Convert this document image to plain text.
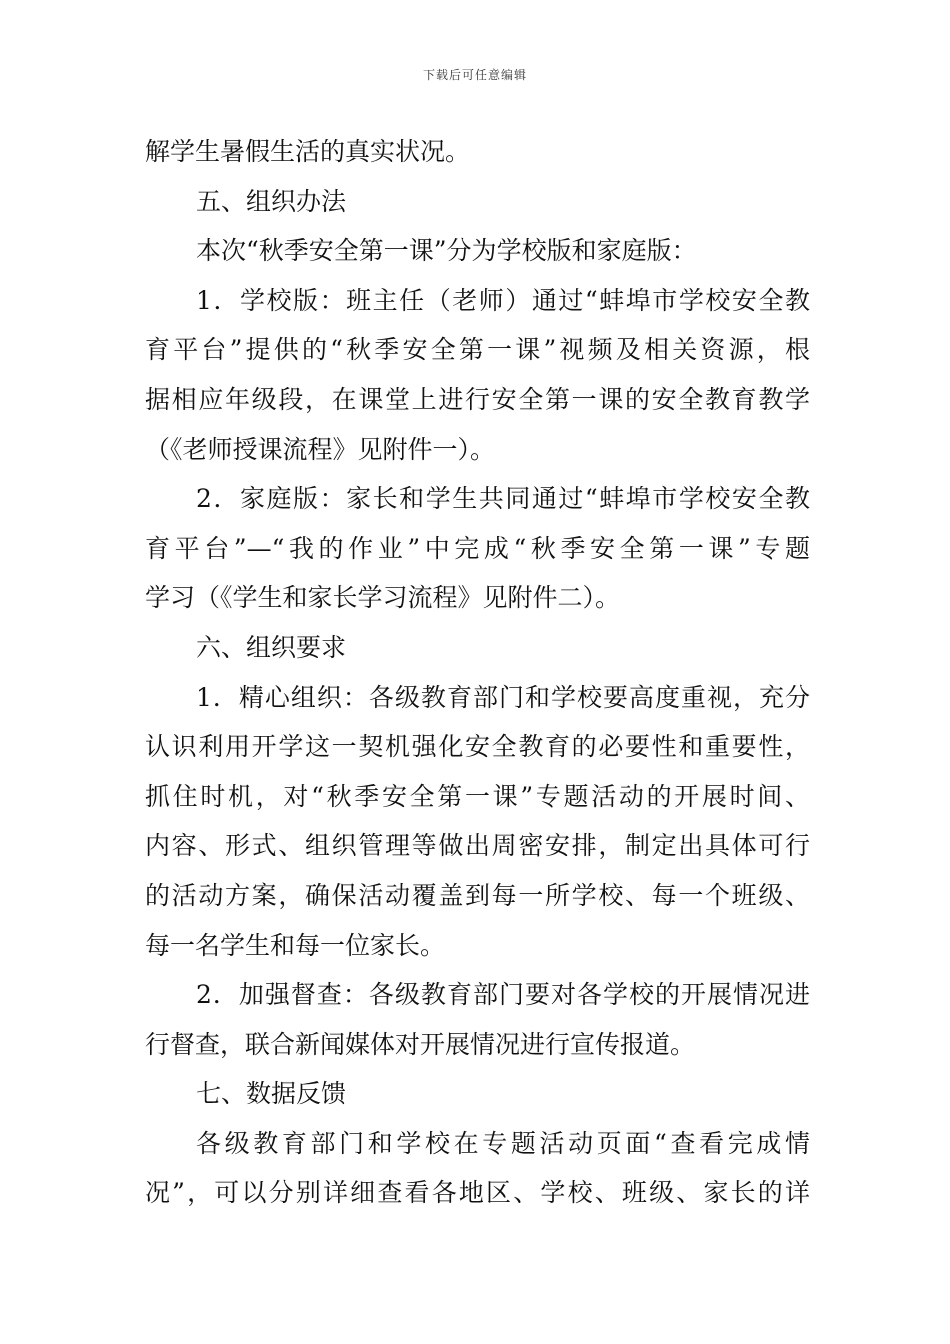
下载后可任意编辑
解学生暑假生活的真实状况。
五、组织办法
本次“秋季安全第一课”分为学校版和家庭版：
1．学校版：班主任（老师）通过“蚌埠市学校安全教
育平台”提供的“秋季安全第一课”视频及相关资源，根
据相应年级段，在课堂上进行安全第一课的安全教育教学
（《老师授课流程》见附件一）。
2．家庭版：家长和学生共同通过“蚌埠市学校安全教
育平台”—“我的作业”中完成“秋季安全第一课”专题
学习（《学生和家长学习流程》见附件二）。
六、组织要求
1．精心组织：各级教育部门和学校要高度重视，充分
认识利用开学这一契机强化安全教育的必要性和重要性，
抓住时机，对“秋季安全第一课”专题活动的开展时间、
内容、形式、组织管理等做出周密安排，制定出具体可行
的活动方案，确保活动覆盖到每一所学校、每一个班级、
每一名学生和每一位家长。
2．加强督查：各级教育部门要对各学校的开展情况进
行督查，联合新闻媒体对开展情况进行宣传报道。
七、数据反馈
各级教育部门和学校在专题活动页面“查看完成情
况”，可以分别详细查看各地区、学校、班级、家长的详
